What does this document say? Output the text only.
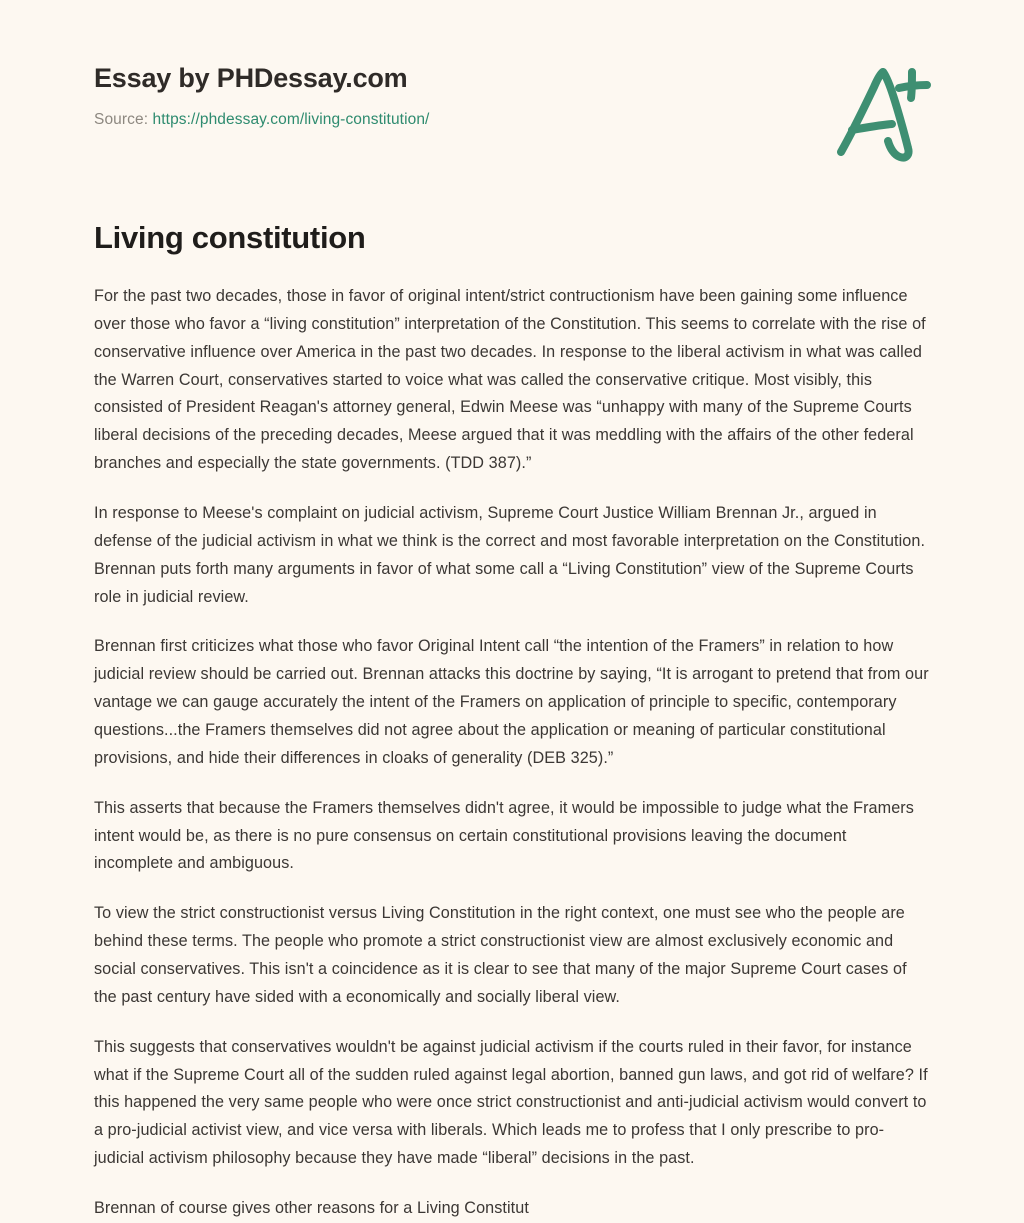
Essay by PHDessay.com
Source: https://phdessay.com/living-constitution/
Living constitution

For the past two decades, those in favor of original intent/strict contructionism have been gaining some influence over those who favor a “living constitution” interpretation of the Constitution. This seems to correlate with the rise of conservative influence over America in the past two decades. In response to the liberal activism in what was called the Warren Court, conservatives started to voice what was called the conservative critique. Most visibly, this consisted of President Reagan's attorney general, Edwin Meese was “unhappy with many of the Supreme Courts liberal decisions of the preceding decades, Meese argued that it was meddling with the affairs of the other federal branches and especially the state governments. (TDD 387).”

In response to Meese's complaint on judicial activism, Supreme Court Justice William Brennan Jr., argued in defense of the judicial activism in what we think is the correct and most favorable interpretation on the Constitution. Brennan puts forth many arguments in favor of what some call a “Living Constitution” view of the Supreme Courts role in judicial review.

Brennan first criticizes what those who favor Original Intent call “the intention of the Framers” in relation to how judicial review should be carried out. Brennan attacks this doctrine by saying, “It is arrogant to pretend that from our vantage we can gauge accurately the intent of the Framers on application of principle to specific, contemporary questions...the Framers themselves did not agree about the application or meaning of particular constitutional provisions, and hide their differences in cloaks of generality (DEB 325).”

This asserts that because the Framers themselves didn't agree, it would be impossible to judge what the Framers intent would be, as there is no pure consensus on certain constitutional provisions leaving the document incomplete and ambiguous.

To view the strict constructionist versus Living Constitution in the right context, one must see who the people are behind these terms. The people who promote a strict constructionist view are almost exclusively economic and social conservatives. This isn't a coincidence as it is clear to see that many of the major Supreme Court cases of the past century have sided with a economically and socially liberal view.

This suggests that conservatives wouldn't be against judicial activism if the courts ruled in their favor, for instance what if the Supreme Court all of the sudden ruled against legal abortion, banned gun laws, and got rid of welfare? If this happened the very same people who were once strict constructionist and anti-judicial activism would convert to a pro-judicial activist view, and vice versa with liberals. Which leads me to profess that I only prescribe to pro-judicial activism philosophy because they have made “liberal” decisions in the past.

Brennan of course gives other reasons for a Living Constitut
